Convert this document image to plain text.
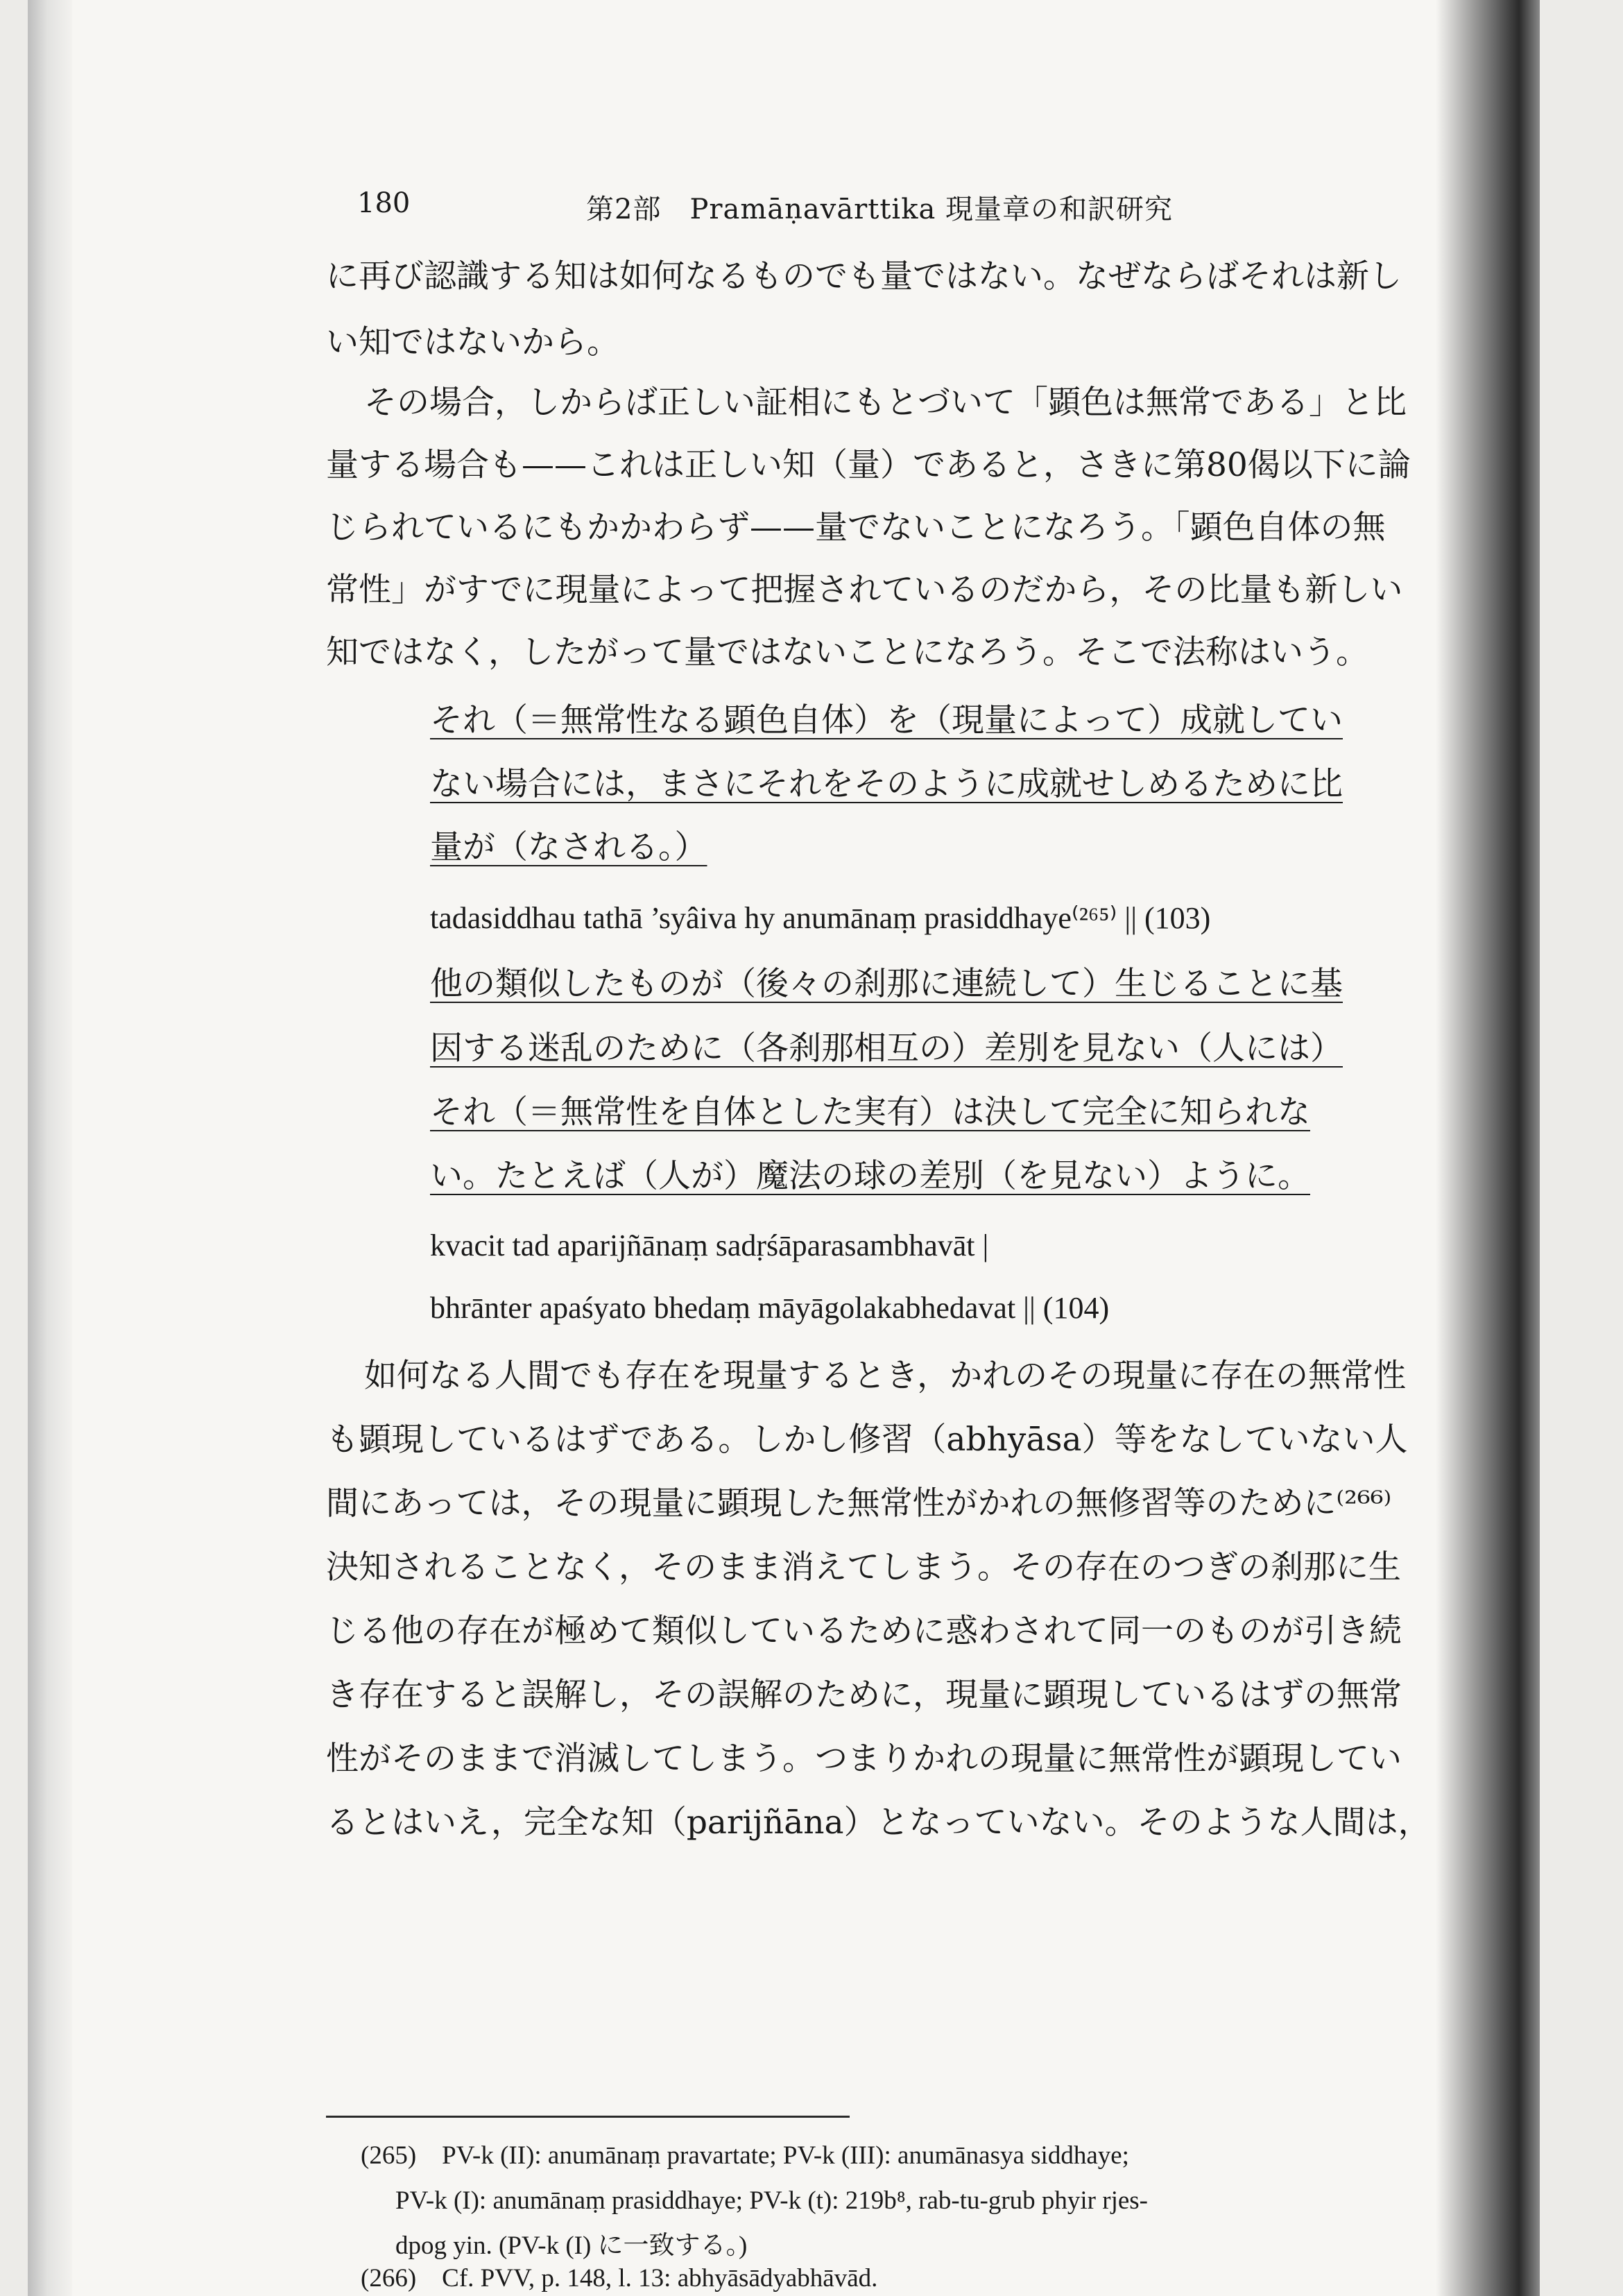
180	第2部　Pramāṇavārttika 現量章の和訳研究
に再び認識する知は如何なるものでも量ではない。なぜならばそれは新し
い知ではないから。
その場合，しからば正しい証相にもとづいて「顕色は無常である」と比
量する場合も——これは正しい知（量）であると，さきに第80偈以下に論
じられているにもかかわらず——量でないことになろう。「顕色自体の無
常性」がすでに現量によって把握されているのだから，その比量も新しい
知ではなく，したがって量ではないことになろう。そこで法称はいう。
それ（＝無常性なる顕色自体）を（現量によって）成就してい
ない場合には，まさにそれをそのように成就せしめるために比
量が（なされる。）
tadasiddhau tathā ’syâiva hy anumānaṃ prasiddhaye⁽²⁶⁵⁾ || (103)
他の類似したものが（後々の刹那に連続して）生じることに基
因する迷乱のために（各刹那相互の）差別を見ない（人には）
それ（＝無常性を自体とした実有）は決して完全に知られな
い。たとえば（人が）魔法の球の差別（を見ない）ように。
kvacit tad aparijñānaṃ sadṛśāparasambhavāt |
bhrānter apaśyato bhedaṃ māyāgolakabhedavat || (104)
如何なる人間でも存在を現量するとき，かれのその現量に存在の無常性
も顕現しているはずである。しかし修習（abhyāsa）等をなしていない人
間にあっては，その現量に顕現した無常性がかれの無修習等のために⁽²⁶⁶⁾
決知されることなく，そのまま消えてしまう。その存在のつぎの刹那に生
じる他の存在が極めて類似しているために惑わされて同一のものが引き続
き存在すると誤解し，その誤解のために，現量に顕現しているはずの無常
性がそのままで消滅してしまう。つまりかれの現量に無常性が顕現してい
るとはいえ，完全な知（parijñāna）となっていない。そのような人間は，
(265)　PV-k (II): anumānaṃ pravartate; PV-k (III): anumānasya siddhaye;
PV-k (I): anumānaṃ prasiddhaye; PV-k (t): 219b⁸, rab-tu-grub phyir rjes-
dpog yin. (PV-k (I) に一致する。)
(266)　Cf. PVV, p. 148, l. 13: abhyāsādyabhāvād.
